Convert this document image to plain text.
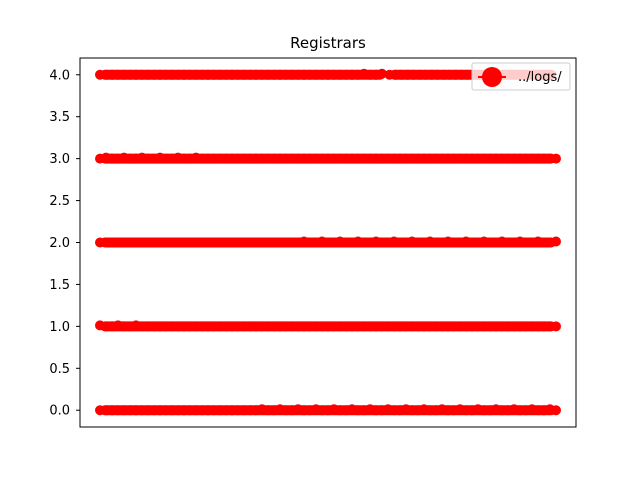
Registrars
0.0
0.5
1.0
1.5
2.0
2.5
3.0
3.5
4.0	../logs/
